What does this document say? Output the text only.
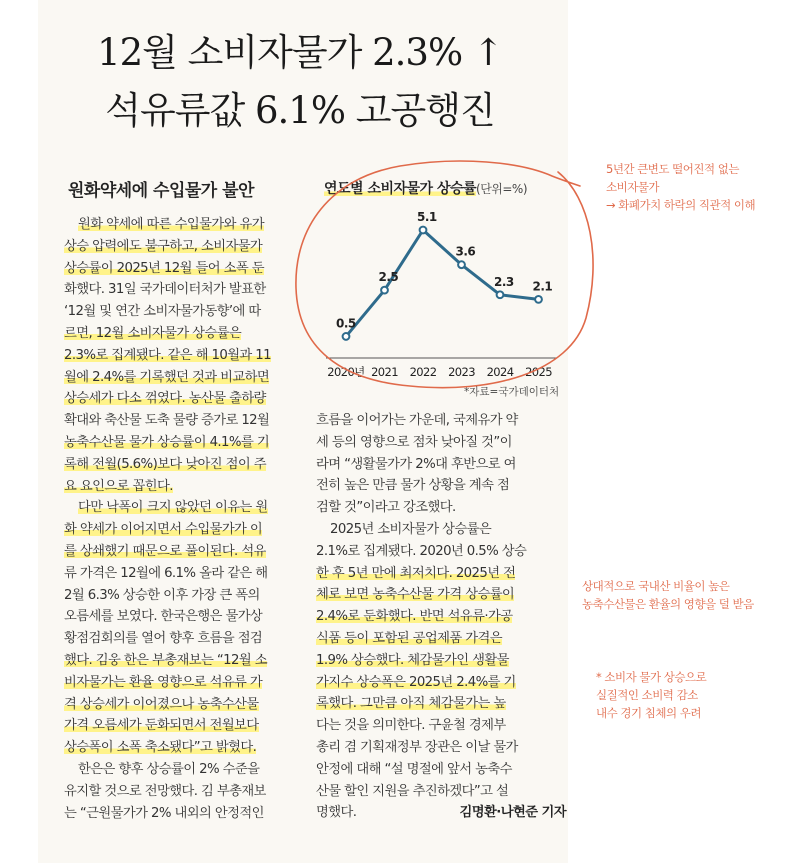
12월 소비자물가 2.3% ↑
석유류값 6.1% 고공행진
원화약세에 수입물가 불안
원화 약세에 따른 수입물가와 유가
상승 압력에도 불구하고, 소비자물가
상승률이 2025년 12월 들어 소폭 둔
화했다. 31일 국가데이터처가 발표한
‘12월 및 연간 소비자물가동향’에 따
르면, 12월 소비자물가 상승률은
2.3%로 집계됐다. 같은 해 10월과 11
월에 2.4%를 기록했던 것과 비교하면
상승세가 다소 꺾였다. 농산물 출하량
확대와 축산물 도축 물량 증가로 12월
농축수산물 물가 상승률이 4.1%를 기
록해 전월(5.6%)보다 낮아진 점이 주
요 요인으로 꼽힌다.
다만 낙폭이 크지 않았던 이유는 원
화 약세가 이어지면서 수입물가가 이
를 상쇄했기 때문으로 풀이된다. 석유
류 가격은 12월에 6.1% 올라 같은 해
2월 6.3% 상승한 이후 가장 큰 폭의
오름세를 보였다. 한국은행은 물가상
황점검회의를 열어 향후 흐름을 점검
했다. 김웅 한은 부총재보는 “12월 소
비자물가는 환율 영향으로 석유류 가
격 상승세가 이어졌으나 농축수산물
가격 오름세가 둔화되면서 전월보다
상승폭이 소폭 축소됐다”고 밝혔다.
한은은 향후 상승률이 2% 수준을
유지할 것으로 전망했다. 김 부총재보
는 “근원물가가 2% 내외의 안정적인
흐름을 이어가는 가운데, 국제유가 약
세 등의 영향으로 점차 낮아질 것”이
라며 “생활물가가 2%대 후반으로 여
전히 높은 만큼 물가 상황을 계속 점
검할 것”이라고 강조했다.
2025년 소비자물가 상승률은
2.1%로 집계됐다. 2020년 0.5% 상승
한 후 5년 만에 최저치다. 2025년 전
체로 보면 농축수산물 가격 상승률이
2.4%로 둔화했다. 반면 석유류·가공
식품 등이 포함된 공업제품 가격은
1.9% 상승했다. 체감물가인 생활물
가지수 상승폭은 2025년 2.4%를 기
록했다. 그만큼 아직 체감물가는 높
다는 것을 의미한다. 구윤철 경제부
총리 겸 기획재정부 장관은 이날 물가
안정에 대해 “설 명절에 앞서 농축수
산물 할인 지원을 추진하겠다”고 설
명했다.	김명환·나현준 기자
연도별 소비자물가 상승률(단위=%)
0.5
2020년
2.5
2021
5.1
2022
3.6
2023
2.3
2024
2.1
2025
*자료=국가데이터처
5년간 큰변도 떨어진적 없는
소비자물가
→ 화폐가치 하락의 직관적 이해
상대적으로 국내산 비율이 높은
농축수산물은 환율의 영향을 덜 받음
* 소비자 물가 상승으로
실질적인 소비력 감소
내수 경기 침체의 우려
